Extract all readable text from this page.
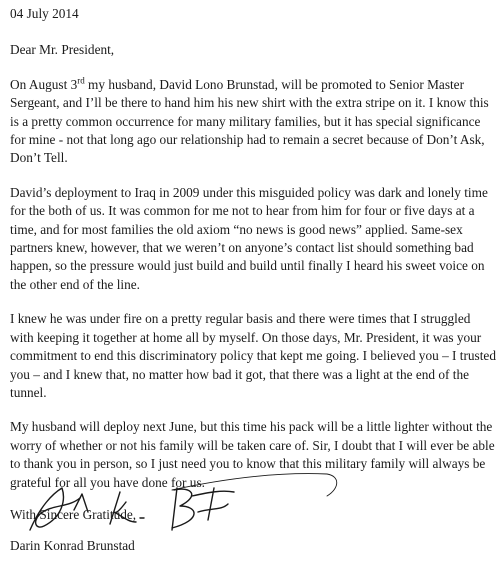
04 July 2014

Dear Mr. President,

On August 3rd my husband, David Lono Brunstad, will be promoted to Senior Master Sergeant, and I’ll be there to hand him his new shirt with the extra stripe on it. I know this is a pretty common occurrence for many military families, but it has special significance for mine - not that long ago our relationship had to remain a secret because of Don’t Ask, Don’t Tell.

David’s deployment to Iraq in 2009 under this misguided policy was dark and lonely time for the both of us. It was common for me not to hear from him for four or five days at a time, and for most families the old axiom “no news is good news” applied. Same-sex partners knew, however, that we weren’t on anyone’s contact list should something bad happen, so the pressure would just build and build until finally I heard his sweet voice on the other end of the line.

I knew he was under fire on a pretty regular basis and there were times that I struggled with keeping it together at home all by myself. On those days, Mr. President, it was your commitment to end this discriminatory policy that kept me going. I believed you – I trusted you – and I knew that, no matter how bad it got, that there was a light at the end of the tunnel.

My husband will deploy next June, but this time his pack will be a little lighter without the worry of whether or not his family will be taken care of. Sir, I doubt that I will ever be able to thank you in person, so I just need you to know that this military family will always be grateful for all you have done for us.

With Sincere Gratitude,

Darin Konrad Brunstad
